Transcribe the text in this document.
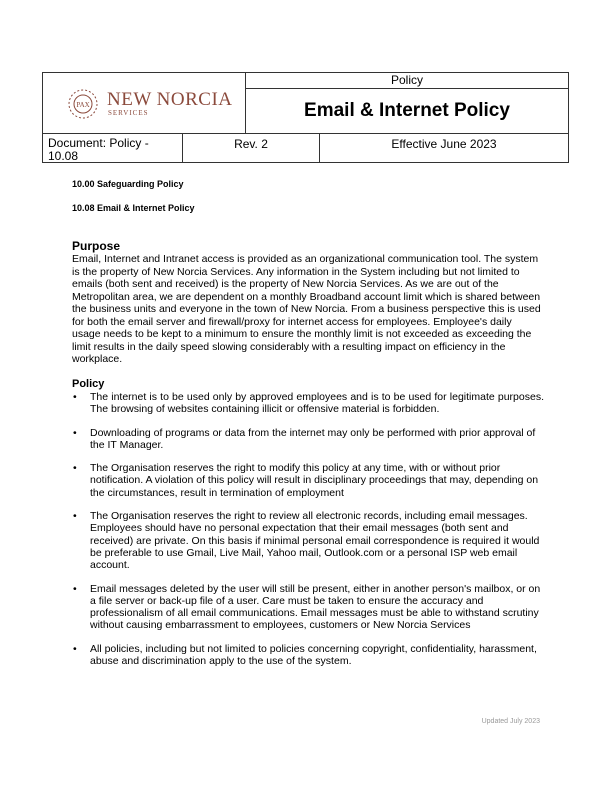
PAX NEW NORCIA
SERVICES
Policy
Email & Internet Policy
Document: Policy - 10.08
Rev. 2	Effective June 2023
10.00 Safeguarding Policy
10.08 Email & Internet Policy
Purpose
Email, Internet and Intranet access is provided as an organizational communication tool. The system is the property of New Norcia Services. Any information in the System including but not limited to emails (both sent and received) is the property of New Norcia Services. As we are out of the Metropolitan area, we are dependent on a monthly Broadband account limit which is shared between the business units and everyone in the town of New Norcia. From a business perspective this is used for both the email server and firewall/proxy for internet access for employees. Employee's daily usage needs to be kept to a minimum to ensure the monthly limit is not exceeded as exceeding the limit results in the daily speed slowing considerably with a resulting impact on efficiency in the workplace.
Policy
• The internet is to be used only by approved employees and is to be used for legitimate purposes. The browsing of websites containing illicit or offensive material is forbidden.
• Downloading of programs or data from the internet may only be performed with prior approval of the IT Manager.
• The Organisation reserves the right to modify this policy at any time, with or without prior notification. A violation of this policy will result in disciplinary proceedings that may, depending on the circumstances, result in termination of employment
• The Organisation reserves the right to review all electronic records, including email messages. Employees should have no personal expectation that their email messages (both sent and received) are private. On this basis if minimal personal email correspondence is required it would be preferable to use Gmail, Live Mail, Yahoo mail, Outlook.com or a personal ISP web email account.
• Email messages deleted by the user will still be present, either in another person's mailbox, or on a file server or back-up file of a user. Care must be taken to ensure the accuracy and professionalism of all email communications. Email messages must be able to withstand scrutiny without causing embarrassment to employees, customers or New Norcia Services
• All policies, including but not limited to policies concerning copyright, confidentiality, harassment, abuse and discrimination apply to the use of the system.
Updated July 2023
